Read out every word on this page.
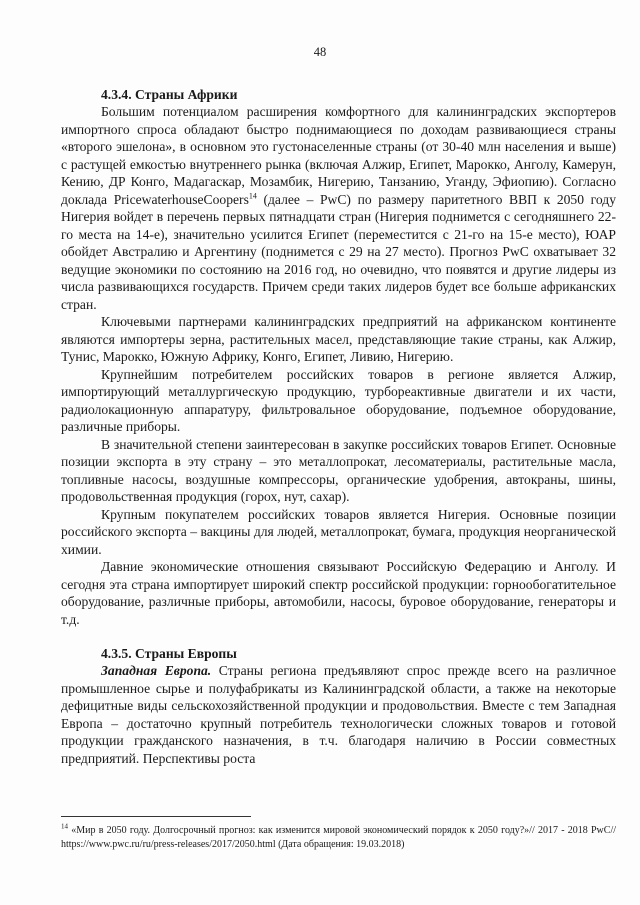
48
4.3.4. Страны Африки

Большим потенциалом расширения комфортного для калининградских экспортеров импортного спроса обладают быстро поднимающиеся по доходам развивающиеся страны «второго эшелона», в основном это густонаселенные страны (от 30-40 млн населения и выше) с растущей емкостью внутреннего рынка (включая Алжир, Египет, Марокко, Анголу, Камерун, Кению, ДР Конго, Мадагаскар, Мозамбик, Нигерию, Танзанию, Уганду, Эфиопию). Согласно доклада PricewaterhouseCoopers$^{14}$ (далее – PwC) по размеру паритетного ВВП к 2050 году Нигерия войдет в перечень первых пятнадцати стран (Нигерия поднимется с сегодняшнего 22-го места на 14-е), значительно усилится Египет (переместится с 21-го на 15-е место), ЮАР обойдет Австралию и Аргентину (поднимется с 29 на 27 место). Прогноз PwC охватывает 32 ведущие экономики по состоянию на 2016 год, но очевидно, что появятся и другие лидеры из числа развивающихся государств. Причем среди таких лидеров будет все больше африканских стран.

Ключевыми партнерами калининградских предприятий на африканском континенте являются импортеры зерна, растительных масел, представляющие такие страны, как Алжир, Тунис, Марокко, Южную Африку, Конго, Египет, Ливию, Нигерию.

Крупнейшим потребителем российских товаров в регионе является Алжир, импортирующий металлургическую продукцию, турбореактивные двигатели и их части, радиолокационную аппаратуру, фильтровальное оборудование, подъемное оборудование, различные приборы.

В значительной степени заинтересован в закупке российских товаров Египет. Основные позиции экспорта в эту страну – это металлопрокат, лесоматериалы, растительные масла, топливные насосы, воздушные компрессоры, органические удобрения, автокраны, шины, продовольственная продукция (горох, нут, сахар).

Крупным покупателем российских товаров является Нигерия. Основные позиции российского экспорта – вакцины для людей, металлопрокат, бумага, продукция неорганической химии.

Давние экономические отношения связывают Российскую Федерацию и Анголу. И сегодня эта страна импортирует широкий спектр российской продукции: горнообогатительное оборудование, различные приборы, автомобили, насосы, буровое оборудование, генераторы и т.д.

4.3.5. Страны Европы

Западная Европа. Страны региона предъявляют спрос прежде всего на различное промышленное сырье и полуфабрикаты из Калининградской области, а также на некоторые дефицитные виды сельскохозяйственной продукции и продовольствия. Вместе с тем Западная Европа – достаточно крупный потребитель технологически сложных товаров и готовой продукции гражданского назначения, в т.ч. благодаря наличию в России совместных предприятий. Перспективы роста

$^{14}$ «Мир в 2050 году. Долгосрочный прогноз: как изменится мировой экономический порядок к 2050 году?»// 2017 - 2018 PwC// https://www.pwc.ru/ru/press-releases/2017/2050.html (Дата обращения: 19.03.2018)
